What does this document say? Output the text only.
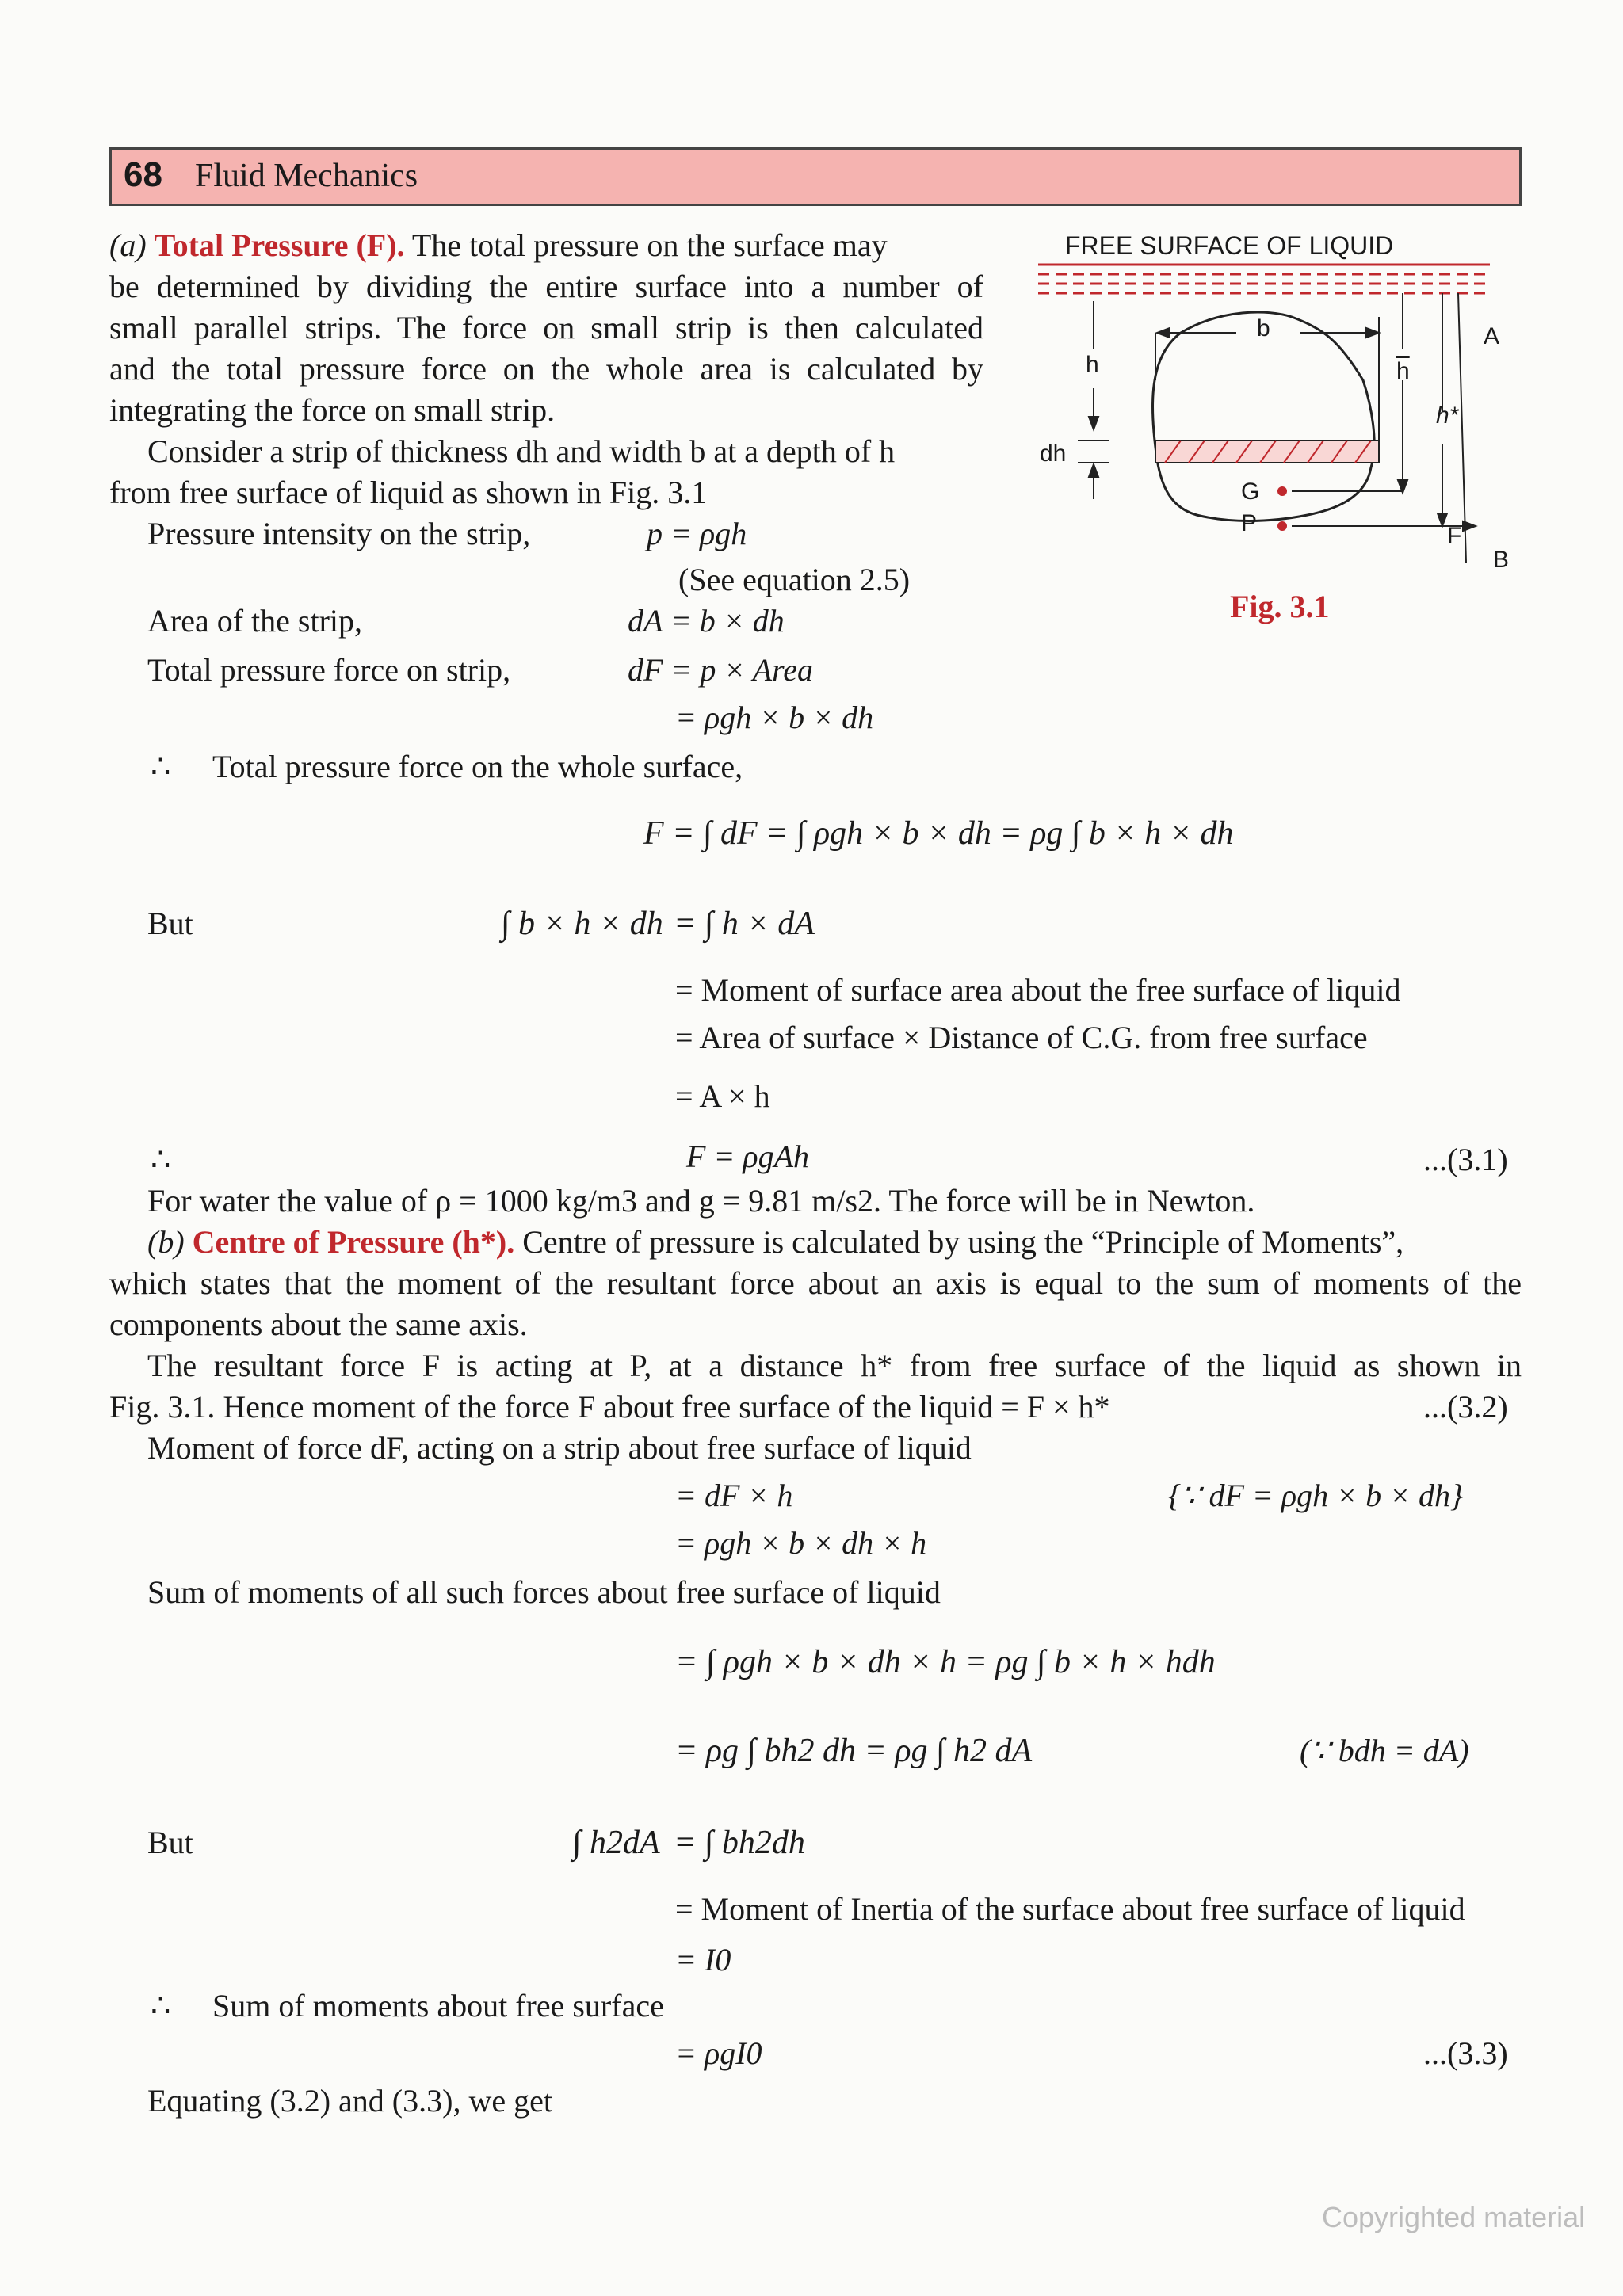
68 Fluid Mechanics
(a) Total Pressure (F). The total pressure on the surface may
be determined by dividing the entire surface into a number of
small parallel strips. The force on small strip is then calculated
and the total pressure force on the whole area is calculated by
integrating the force on small strip.
Consider a strip of thickness dh and width b at a depth of h
from free surface of liquid as shown in Fig. 3.1
Pressure intensity on the strip,	p = ρgh
(See equation 2.5)
Area of the strip,	dA = b × dh
Total pressure force on strip,	dF = p × Area
= ρgh × b × dh
∴ Total pressure force on the whole surface,
F = ∫ dF = ∫ ρgh × b × dh = ρg ∫ b × h × dh
But	∫ b × h × dh = ∫ h × dA
= Moment of surface area about the free surface of liquid
= Area of surface × Distance of C.G. from free surface
= A × h
∴	F = ρgAh	...(3.1)
For water the value of ρ = 1000 kg/m3 and g = 9.81 m/s2. The force will be in Newton.
(b) Centre of Pressure (h*). Centre of pressure is calculated by using the “Principle of Moments”,
which states that the moment of the resultant force about an axis is equal to the sum of moments of the
components about the same axis.
The resultant force F is acting at P, at a distance h* from free surface of the liquid as shown in
Fig. 3.1. Hence moment of the force F about free surface of the liquid = F × h*	...(3.2)
Moment of force dF, acting on a strip about free surface of liquid
= dF × h	{∵ dF = ρgh × b × dh}
= ρgh × b × dh × h
Sum of moments of all such forces about free surface of liquid
= ∫ ρgh × b × dh × h = ρg ∫ b × h × hdh
= ρg ∫ bh2 dh = ρg ∫ h2 dA	(∵ bdh = dA)
But	∫ h2dA = ∫ bh2dh
= Moment of Inertia of the surface about free surface of liquid
= I0
∴ Sum of moments about free surface
= ρgI0	...(3.3)
Equating (3.2) and (3.3), we get
FREE SURFACE OF LIQUID
b
h	$\overline{h}$
h*
dh
G
P	F
A
B
Fig. 3.1
Copyrighted material
